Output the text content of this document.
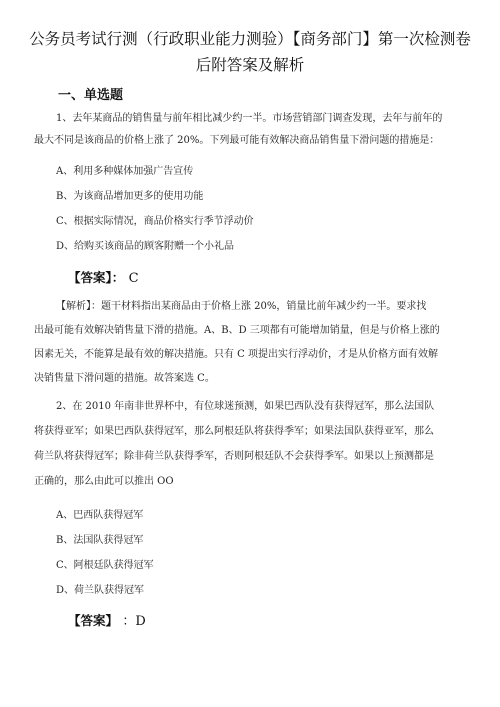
公务员考试行测（行政职业能力测验）【商务部门】第一次检测卷
后附答案及解析
一、单选题
1、去年某商品的销售量与前年相比减少约一半。市场营销部门调查发现，去年与前年的
最大不同是该商品的价格上涨了 20%。下列最可能有效解决商品销售量下滑问题的措施是：
A、利用多种媒体加强广告宣传
B、为该商品增加更多的使用功能
C、根据实际情况，商品价格实行季节浮动价
D、给购买该商品的顾客附赠一个小礼品
【答案】： C
【解析】：题干材料指出某商品由于价格上涨 20%，销量比前年减少约一半。要求找
出最可能有效解决销售量下滑的措施。A、B、D 三项都有可能增加销量，但是与价格上涨的
因素无关，不能算是最有效的解决措施。只有 C 项提出实行浮动价，才是从价格方面有效解
决销售量下滑问题的措施。故答案选 C。
2、在 2010 年南非世界杯中，有位球迷预测，如果巴西队没有获得冠军，那么法国队
将获得亚军；如果巴西队获得冠军，那么阿根廷队将获得季军；如果法国队获得亚军，那么
荷兰队将获得冠军；除非荷兰队获得季军，否则阿根廷队不会获得季军。如果以上预测都是
正确的，那么由此可以推出 OO
A、巴西队获得冠军
B、法国队获得冠军
C、阿根廷队获得冠军
D、荷兰队获得冠军
【答案】 ：D
